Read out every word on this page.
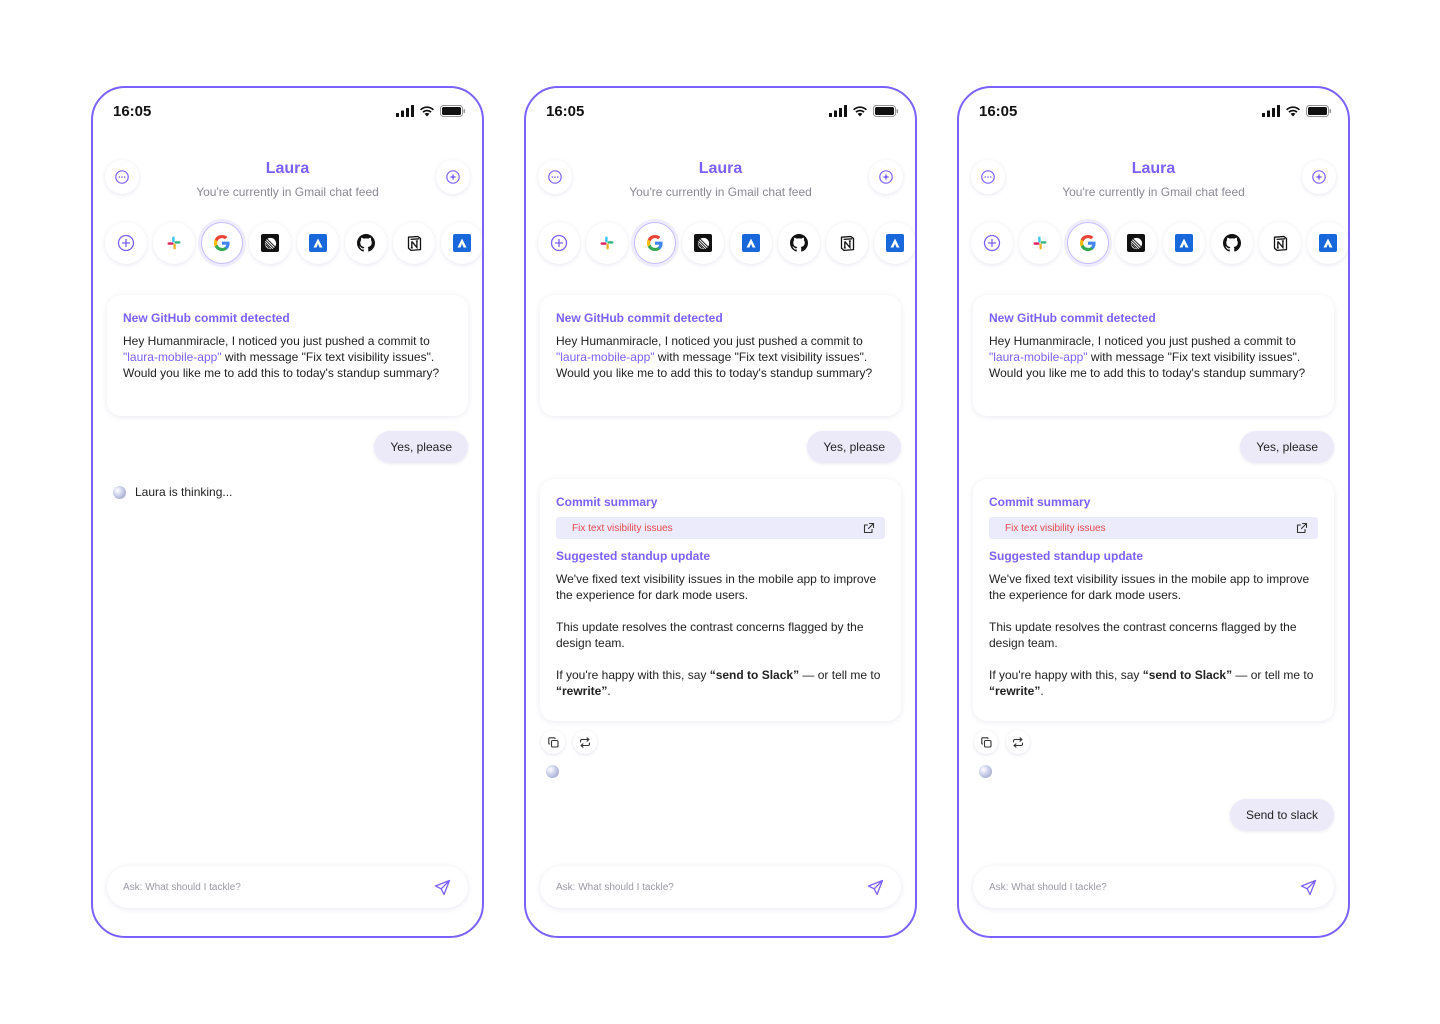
16:05
Laura
You're currently in Gmail chat feed
New GitHub commit detected
Hey Humanmiracle, I noticed you just pushed a commit to "laura-mobile-app" with message "Fix text visibility issues". Would you like me to add this to today's standup summary?
Yes, please
Laura is thinking...
Ask: What should I tackle?
16:05
Laura
You're currently in Gmail chat feed
New GitHub commit detected
Hey Humanmiracle, I noticed you just pushed a commit to "laura-mobile-app" with message "Fix text visibility issues". Would you like me to add this to today's standup summary?
Yes, please
Commit summary
Fix text visibility issues
Suggested standup update
We've fixed text visibility issues in the mobile app to improve the experience for dark mode users.
This update resolves the contrast concerns flagged by the design team.
If you're happy with this, say “send to Slack” — or tell me to “rewrite”.
Ask: What should I tackle?
16:05
Laura
You're currently in Gmail chat feed
New GitHub commit detected
Hey Humanmiracle, I noticed you just pushed a commit to "laura-mobile-app" with message "Fix text visibility issues". Would you like me to add this to today's standup summary?
Yes, please
Commit summary
Fix text visibility issues
Suggested standup update
We've fixed text visibility issues in the mobile app to improve the experience for dark mode users.
This update resolves the contrast concerns flagged by the design team.
If you're happy with this, say “send to Slack” — or tell me to “rewrite”.
Send to slack
Ask: What should I tackle?
